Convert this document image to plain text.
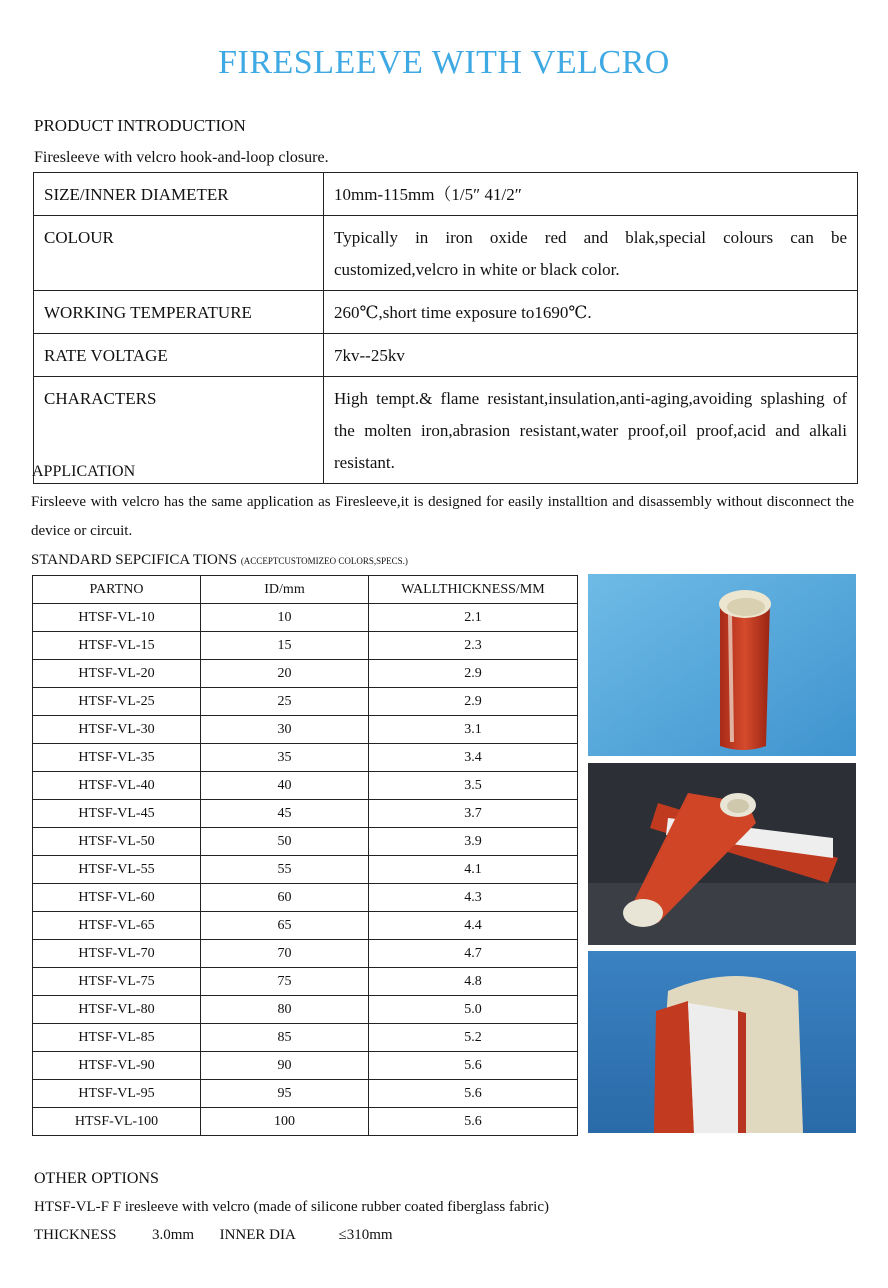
FIRESLEEVE WITH VELCRO
PRODUCT INTRODUCTION
Firesleeve with velcro hook-and-loop closure.
SIZE/INNER DIAMETER	10mm-115mm（1/5″ 41/2″
COLOUR	Typically in iron oxide red and blak,special colours can be customized,velcro in white or black color.
WORKING TEMPERATURE	260℃,short time exposure to1690℃.
RATE VOLTAGE	7kv--25kv
CHARACTERS	High tempt.& flame resistant,insulation,anti-aging,avoiding splashing of the molten iron,abrasion resistant,water proof,oil proof,acid and alkali resistant.
APPLICATION
Firsleeve with velcro has the same application as Firesleeve,it is designed for easily installtion and disassembly without disconnect the device or circuit.
STANDARD SEPCIFICA TIONS (ACCEPTCUSTOMIZEO COLORS,SPECS.)
PARTNO	ID/mm	WALLTHICKNESS/MM
HTSF-VL-10	10	2.1
HTSF-VL-15	15	2.3
HTSF-VL-20	20	2.9
HTSF-VL-25	25	2.9
HTSF-VL-30	30	3.1
HTSF-VL-35	35	3.4
HTSF-VL-40	40	3.5
HTSF-VL-45	45	3.7
HTSF-VL-50	50	3.9
HTSF-VL-55	55	4.1
HTSF-VL-60	60	4.3
HTSF-VL-65	65	4.4
HTSF-VL-70	70	4.7
HTSF-VL-75	75	4.8
HTSF-VL-80	80	5.0
HTSF-VL-85	85	5.2
HTSF-VL-90	90	5.6
HTSF-VL-95	95	5.6
HTSF-VL-100	100	5.6
OTHER OPTIONS
HTSF-VL-F F iresleeve with velcro (made of silicone rubber coated fiberglass fabric)
THICKNESS 3.0mm INNER DIA	≤310mm
